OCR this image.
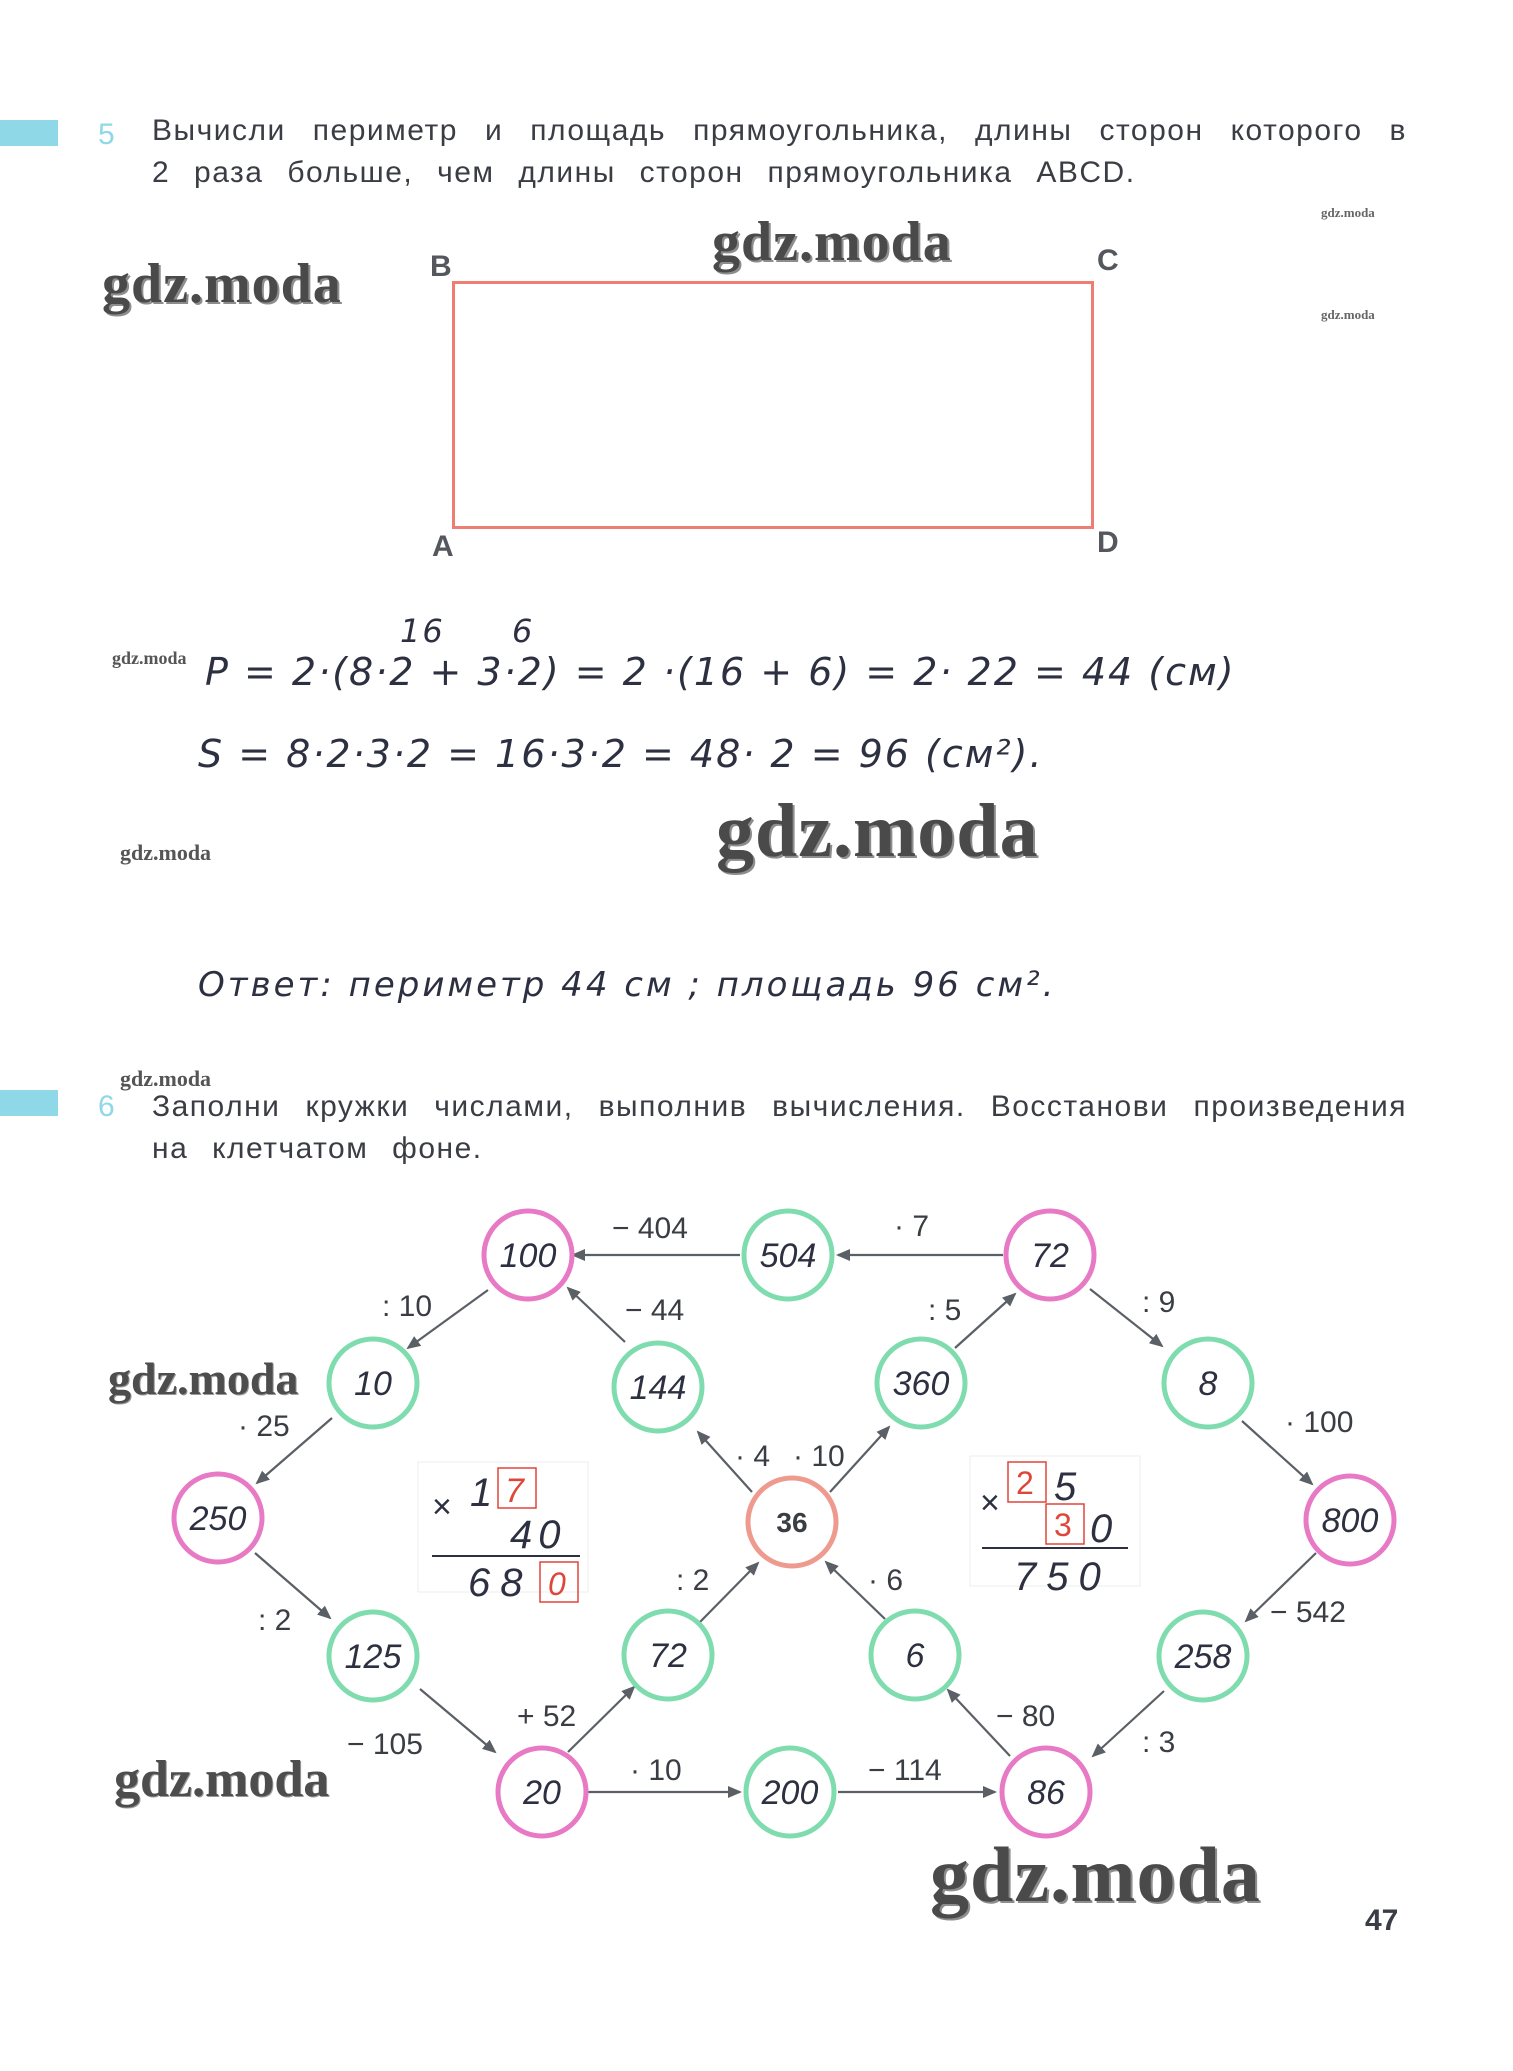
5 Вычисли периметр и площадь прямоугольника, длины сторон которого в 2 раза больше, чем длины сторон прямоугольника ABCD.
B	C
A	D
16 6
P = 2·(8·2 + 3·2) = 2 ·(16 + 6) = 2· 22 = 44 (см)
S = 8·2·3·2 = 16·3·2 = 48· 2 = 96 (см²).
Ответ: периметр 44 см ; площадь 96 см².
6 Заполни кружки числами, выполнив вычисления. Восстанови произведения на клетчатом фоне.
100	504	72
10	144	360	8
250	800
125	72	6	258
20	200	86
36
− 404	· 7
: 10	− 44	: 5	: 9
· 25
· 4 · 10
· 100
: 2
: 2	· 6
− 542
− 105
+ 52	− 80
: 3
· 10	− 114
× 1 7
40
68 0
×
2 5
3 0
750
gdz.moda
gdz.moda
gdz.moda
gdz.moda
gdz.moda
gdz.moda
gdz.moda
gdz.moda
gdz.moda
gdz.moda
gdz.moda
47
